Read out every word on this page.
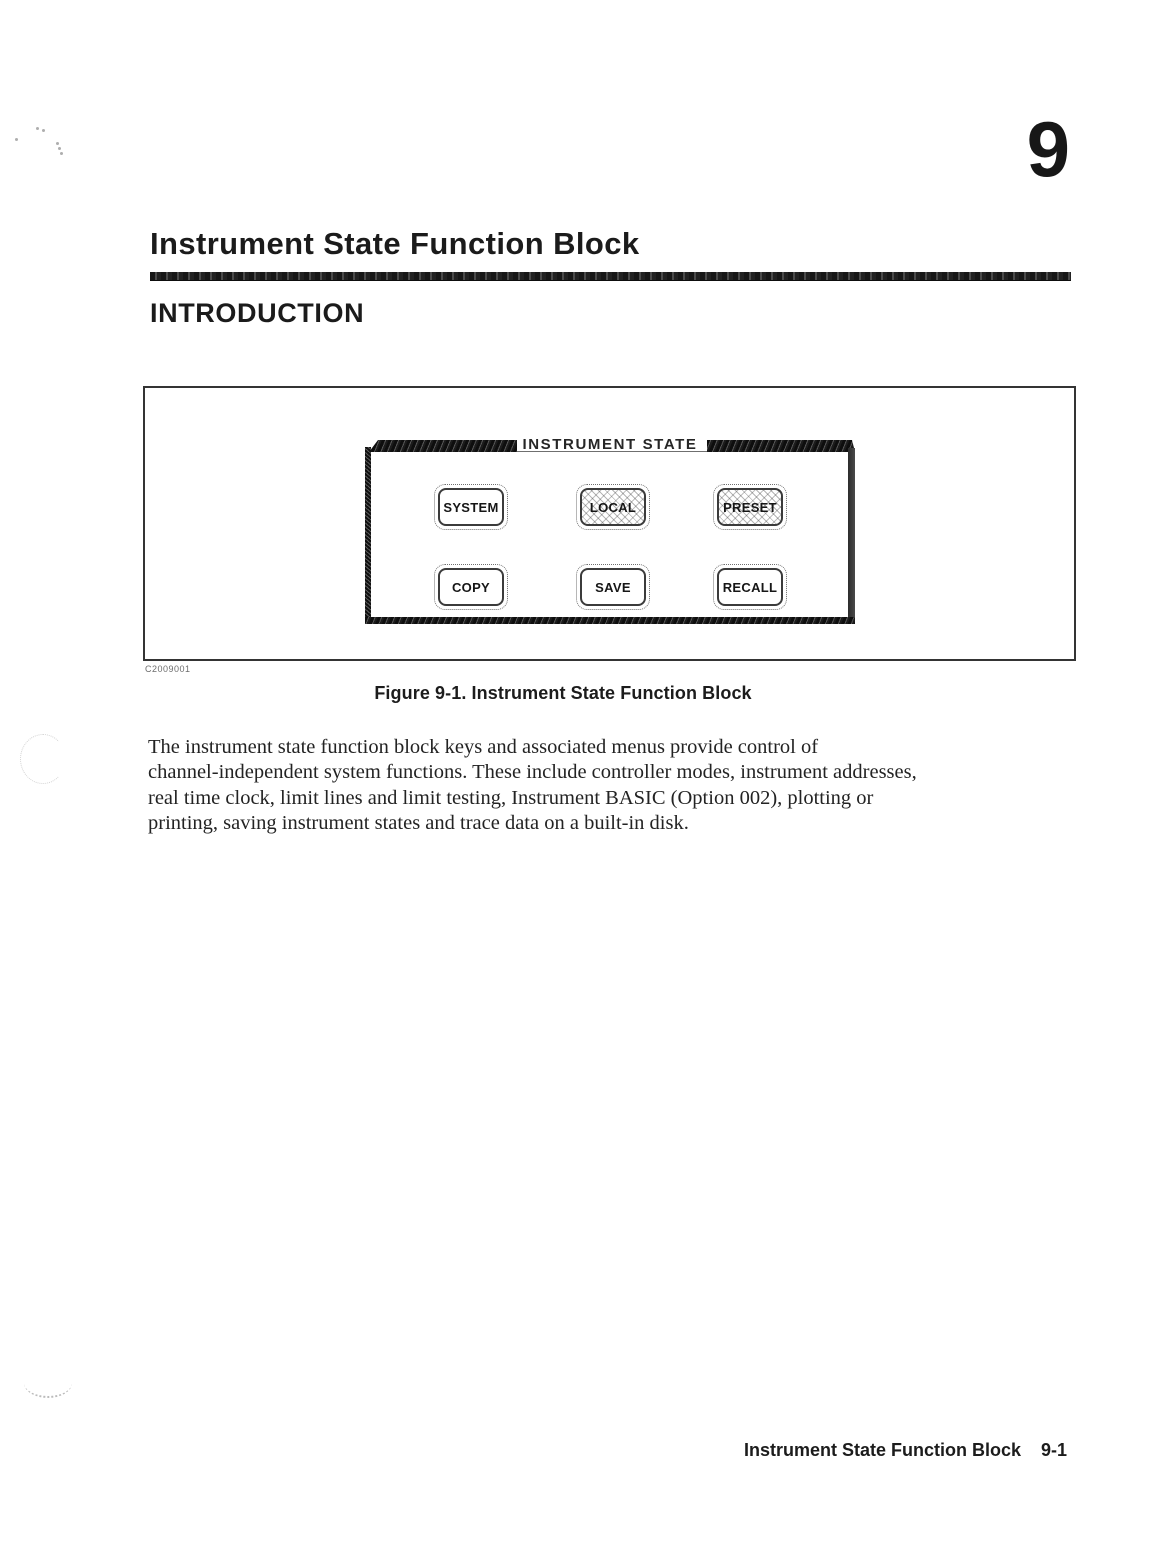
9
Instrument State Function Block
INTRODUCTION
INSTRUMENT STATE
SYSTEM	LOCAL	PRESET
COPY	SAVE	RECALL
C2009001
Figure 9-1. Instrument State Function Block
The instrument state function block keys and associated menus provide control of
channel-independent system functions. These include controller modes, instrument addresses,
real time clock, limit lines and limit testing, Instrument BASIC (Option 002), plotting or
printing, saving instrument states and trace data on a built-in disk.
Instrument State Function Block 9-1
